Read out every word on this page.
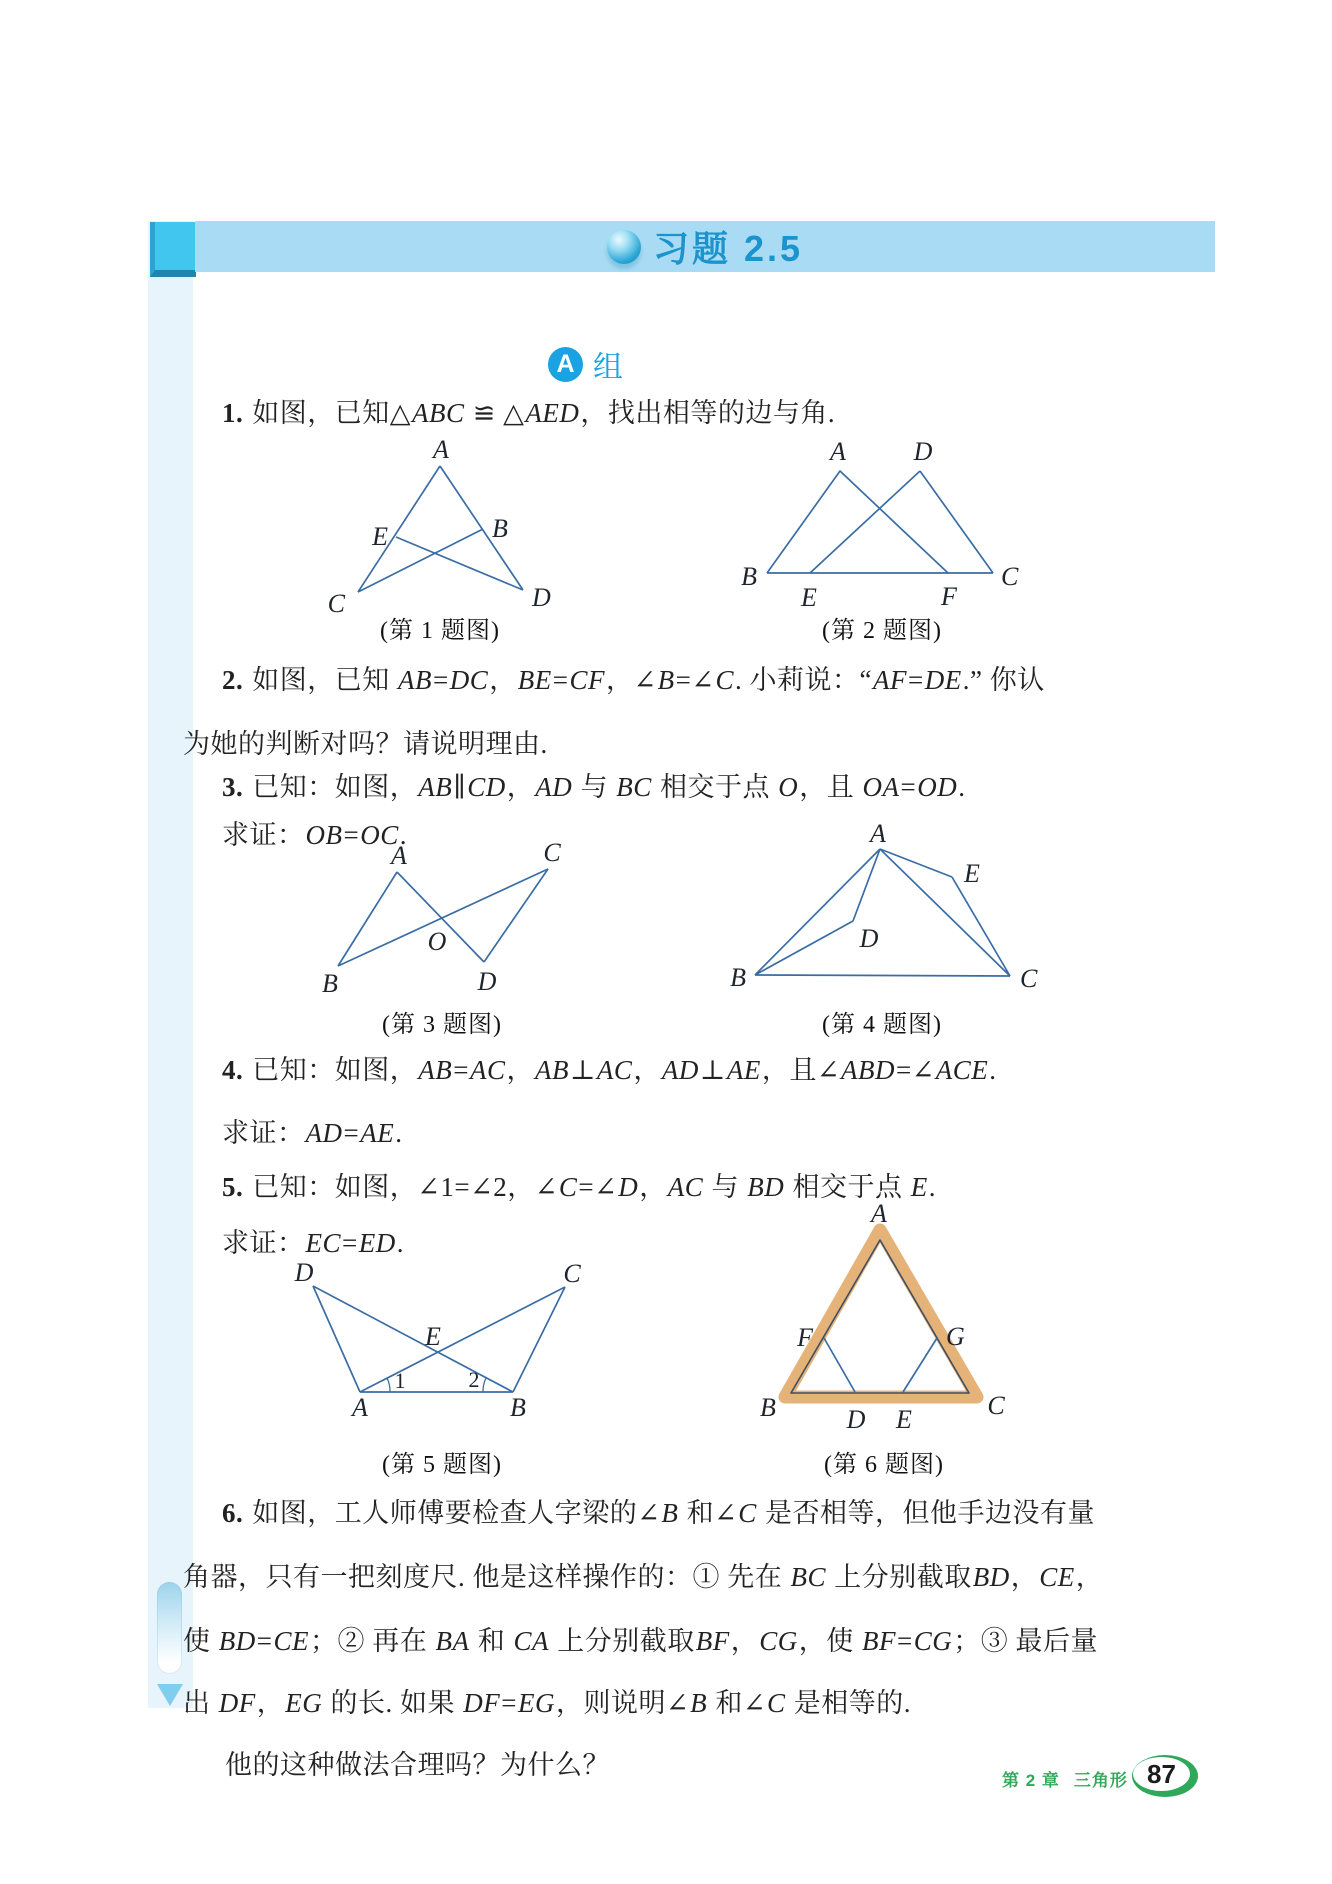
习题 2.5
A 组
1. 如图，已知△ABC ≌ △AED，找出相等的边与角.
2. 如图，已知 AB=DC，BE=CF，∠B=∠C. 小莉说：“AF=DE.” 你认
为她的判断对吗？请说明理由.
3. 已知：如图，AB∥CD，AD 与 BC 相交于点 O，且 OA=OD.
求证：OB=OC.
4. 已知：如图，AB=AC，AB⊥AC，AD⊥AE，且∠ABD=∠ACE.
求证：AD=AE.
5. 已知：如图，∠1=∠2，∠C=∠D，AC 与 BD 相交于点 E.
求证：EC=ED.
6. 如图，工人师傅要检查人字梁的∠B 和∠C 是否相等，但他手边没有量
角器，只有一把刻度尺. 他是这样操作的：① 先在 BC 上分别截取BD，CE，
使 BD=CE；② 再在 BA 和 CA 上分别截取BF，CG，使 BF=CG；③ 最后量
出 DF，EG 的长. 如果 DF=EG，则说明∠B 和∠C 是相等的.
他的这种做法合理吗？为什么？
A
E	B
C	D
(第 1 题图)
A	D
B	C
E	F
(第 2 题图)
A	C
B	D
O
(第 3 题图)
A
E
D
B	C
(第 4 题图)
D	C
A	B
E
1	2
(第 5 题图)
A
F	G
B	C
D E
(第 6 题图)
第 2 章 三角形 87
